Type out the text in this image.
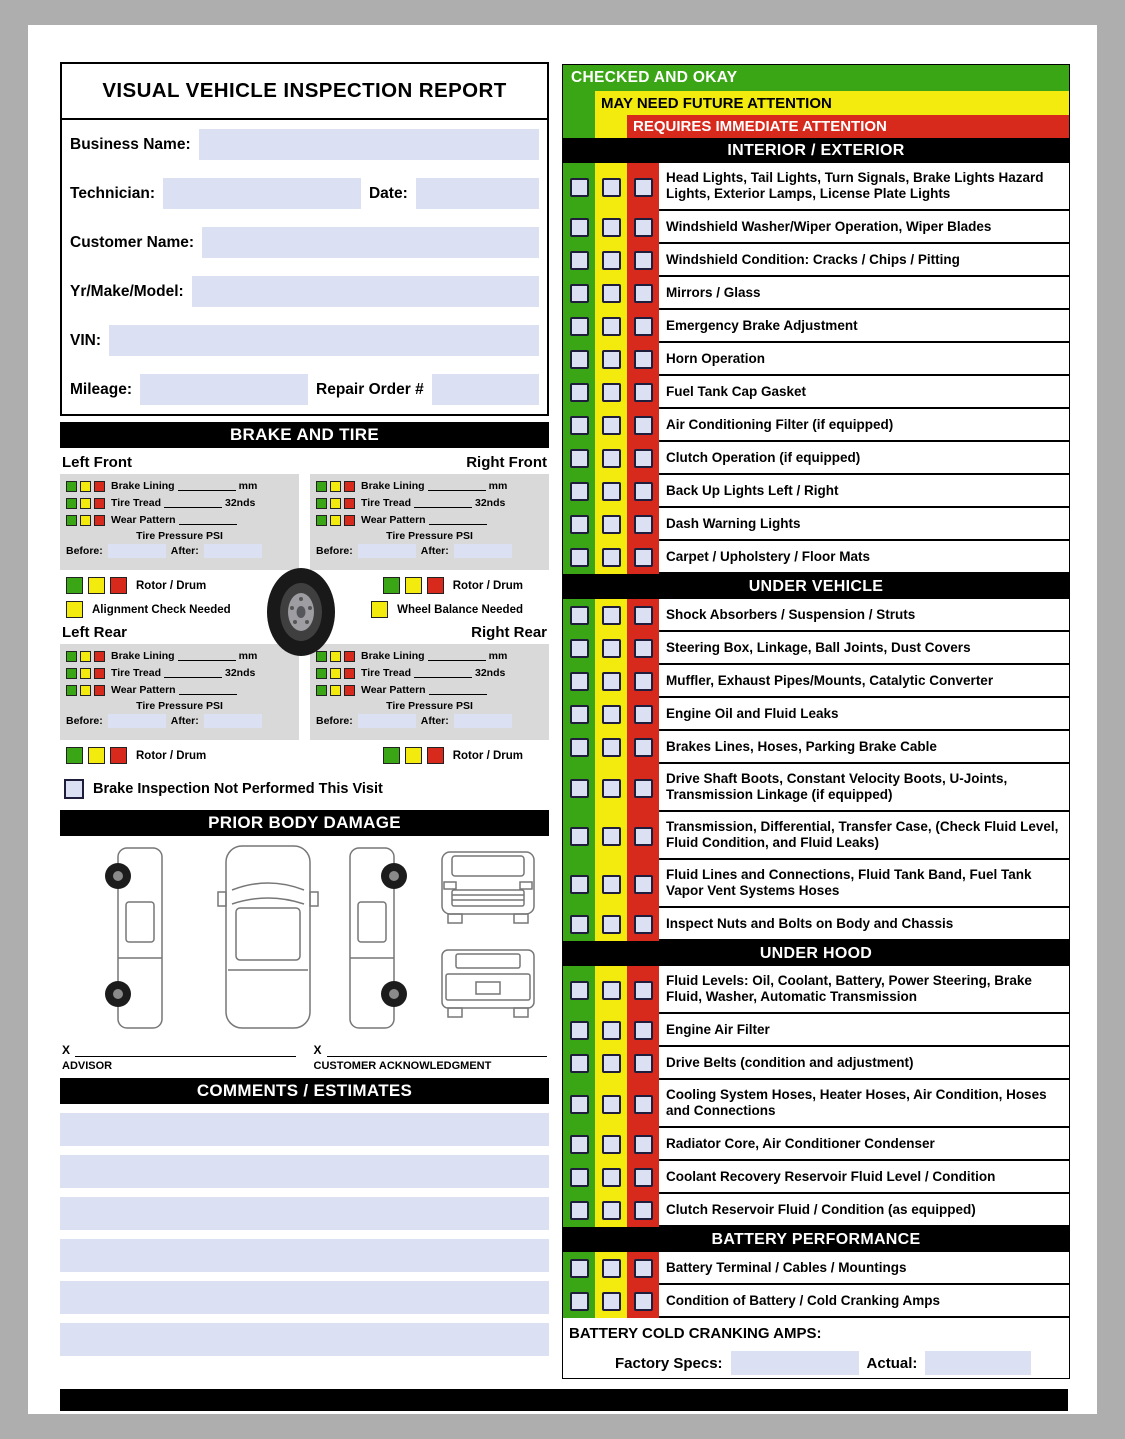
VISUAL VEHICLE INSPECTION REPORT
Business Name:
Technician:	Date:
Customer Name:
Yr/Make/Model:
VIN:
Mileage:	Repair Order #
BRAKE AND TIRE
Left Front	Right Front
Brake Lining	mm
Tire Tread	32nds
Wear Pattern
Tire Pressure PSI
Before:	After:
Brake Lining	mm
Tire Tread	32nds
Wear Pattern
Tire Pressure PSI
Before:	After:
Rotor / Drum	Rotor / Drum
Alignment Check Needed	Wheel Balance Needed
Left Rear	Right Rear
Brake Lining	mm
Tire Tread	32nds
Wear Pattern
Tire Pressure PSI
Before:	After:
Brake Lining	mm
Tire Tread	32nds
Wear Pattern
Tire Pressure PSI
Before:	After:
Rotor / Drum	Rotor / Drum
Brake Inspection Not Performed This Visit
PRIOR BODY DAMAGE
X
ADVISOR
X
CUSTOMER ACKNOWLEDGMENT
COMMENTS / ESTIMATES
CHECKED AND OKAY
MAY NEED FUTURE ATTENTION
REQUIRES IMMEDIATE ATTENTION
INTERIOR / EXTERIOR
Head Lights, Tail Lights, Turn Signals, Brake Lights Hazard Lights, Exterior Lamps, License Plate Lights
Windshield Washer/Wiper Operation, Wiper Blades
Windshield Condition: Cracks / Chips / Pitting
Mirrors / Glass
Emergency Brake Adjustment
Horn Operation
Fuel Tank Cap Gasket
Air Conditioning Filter (if equipped)
Clutch Operation (if equipped)
Back Up Lights Left / Right
Dash Warning Lights
Carpet / Upholstery / Floor Mats
UNDER VEHICLE
Shock Absorbers / Suspension / Struts
Steering Box, Linkage, Ball Joints, Dust Covers
Muffler, Exhaust Pipes/Mounts, Catalytic Converter
Engine Oil and Fluid Leaks
Brakes Lines, Hoses, Parking Brake Cable
Drive Shaft Boots, Constant Velocity Boots, U-Joints, Transmission Linkage (if equipped)
Transmission, Differential, Transfer Case, (Check Fluid Level, Fluid Condition, and Fluid Leaks)
Fluid Lines and Connections, Fluid Tank Band, Fuel Tank Vapor Vent Systems Hoses
Inspect Nuts and Bolts on Body and Chassis
UNDER HOOD
Fluid Levels: Oil, Coolant, Battery, Power Steering, Brake Fluid, Washer, Automatic Transmission
Engine Air Filter
Drive Belts (condition and adjustment)
Cooling System Hoses, Heater Hoses, Air Condition, Hoses and Connections
Radiator Core, Air Conditioner Condenser
Coolant Recovery Reservoir Fluid Level / Condition
Clutch Reservoir Fluid / Condition (as equipped)
BATTERY PERFORMANCE
Battery Terminal / Cables / Mountings
Condition of Battery / Cold Cranking Amps
BATTERY COLD CRANKING AMPS:
Factory Specs:	Actual:
